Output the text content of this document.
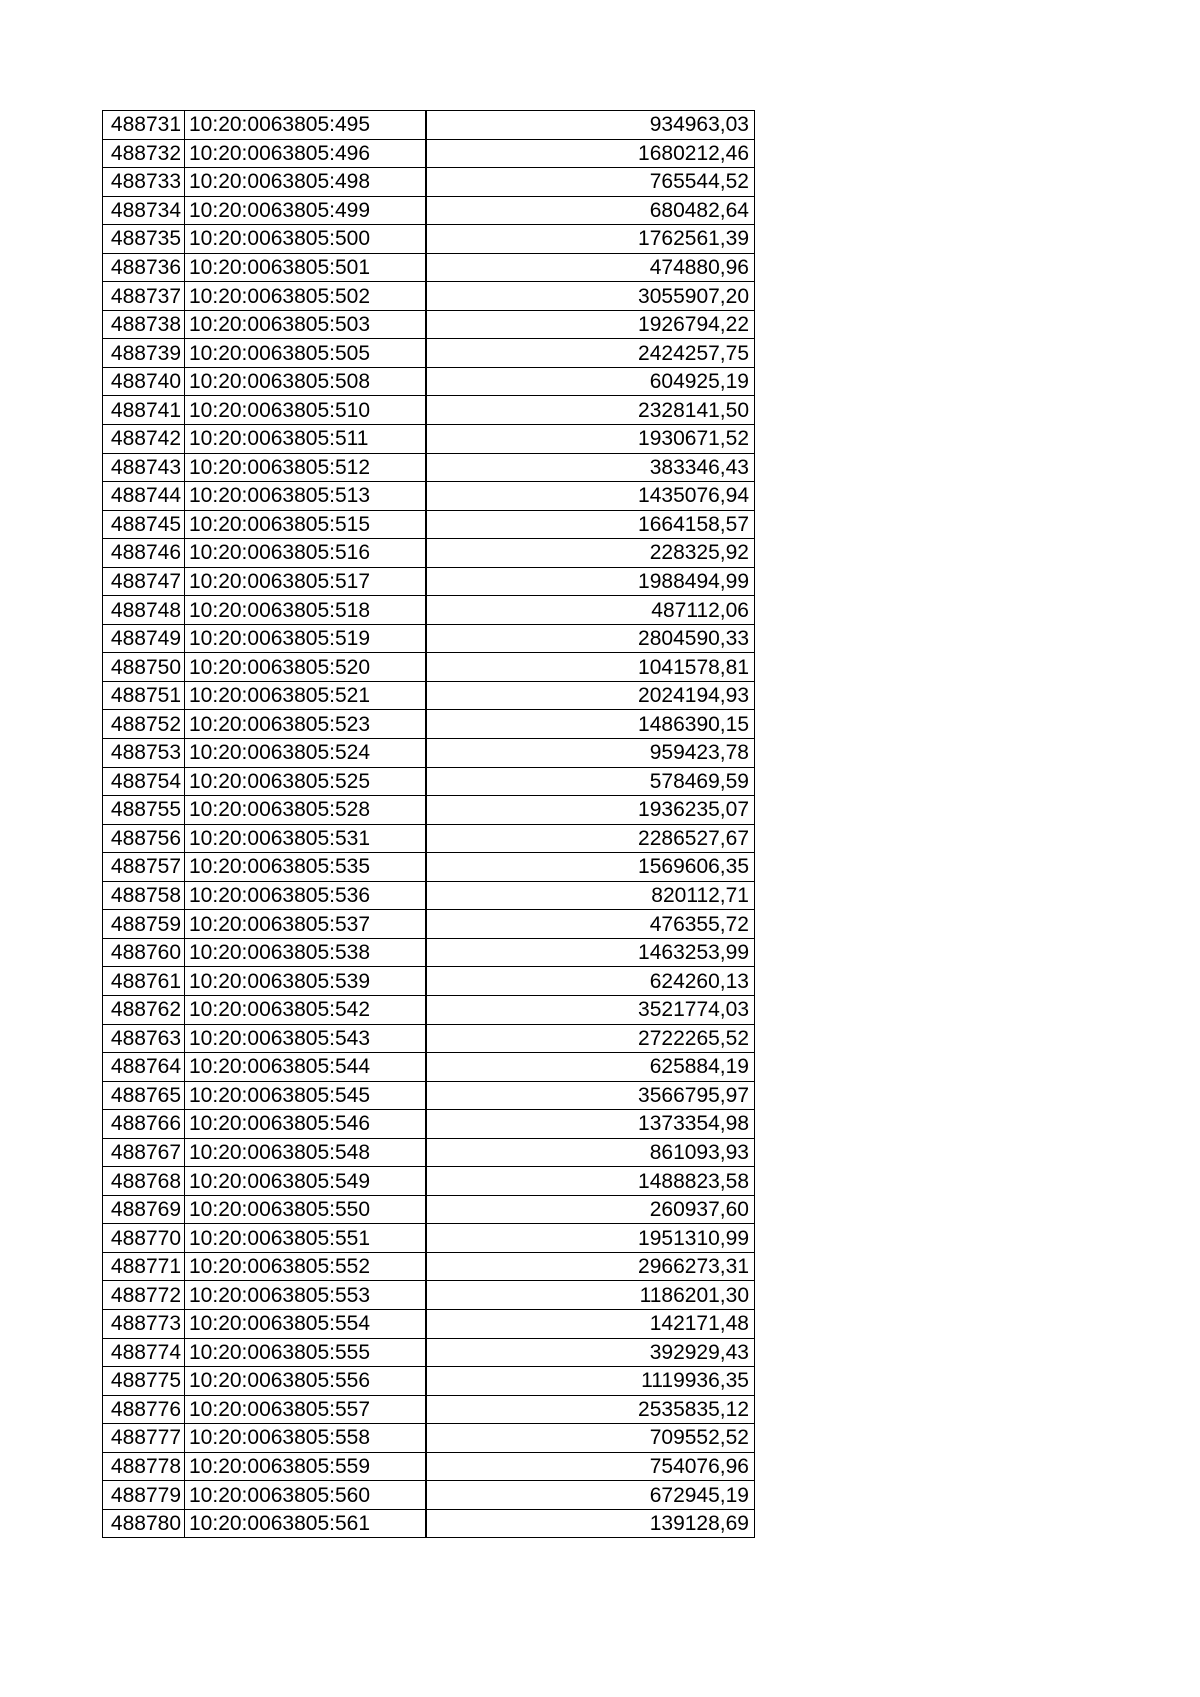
488731	10:20:0063805:495	934963,03
488732	10:20:0063805:496	1680212,46
488733	10:20:0063805:498	765544,52
488734	10:20:0063805:499	680482,64
488735	10:20:0063805:500	1762561,39
488736	10:20:0063805:501	474880,96
488737	10:20:0063805:502	3055907,20
488738	10:20:0063805:503	1926794,22
488739	10:20:0063805:505	2424257,75
488740	10:20:0063805:508	604925,19
488741	10:20:0063805:510	2328141,50
488742	10:20:0063805:511	1930671,52
488743	10:20:0063805:512	383346,43
488744	10:20:0063805:513	1435076,94
488745	10:20:0063805:515	1664158,57
488746	10:20:0063805:516	228325,92
488747	10:20:0063805:517	1988494,99
488748	10:20:0063805:518	487112,06
488749	10:20:0063805:519	2804590,33
488750	10:20:0063805:520	1041578,81
488751	10:20:0063805:521	2024194,93
488752	10:20:0063805:523	1486390,15
488753	10:20:0063805:524	959423,78
488754	10:20:0063805:525	578469,59
488755	10:20:0063805:528	1936235,07
488756	10:20:0063805:531	2286527,67
488757	10:20:0063805:535	1569606,35
488758	10:20:0063805:536	820112,71
488759	10:20:0063805:537	476355,72
488760	10:20:0063805:538	1463253,99
488761	10:20:0063805:539	624260,13
488762	10:20:0063805:542	3521774,03
488763	10:20:0063805:543	2722265,52
488764	10:20:0063805:544	625884,19
488765	10:20:0063805:545	3566795,97
488766	10:20:0063805:546	1373354,98
488767	10:20:0063805:548	861093,93
488768	10:20:0063805:549	1488823,58
488769	10:20:0063805:550	260937,60
488770	10:20:0063805:551	1951310,99
488771	10:20:0063805:552	2966273,31
488772	10:20:0063805:553	1186201,30
488773	10:20:0063805:554	142171,48
488774	10:20:0063805:555	392929,43
488775	10:20:0063805:556	1119936,35
488776	10:20:0063805:557	2535835,12
488777	10:20:0063805:558	709552,52
488778	10:20:0063805:559	754076,96
488779	10:20:0063805:560	672945,19
488780	10:20:0063805:561	139128,69
